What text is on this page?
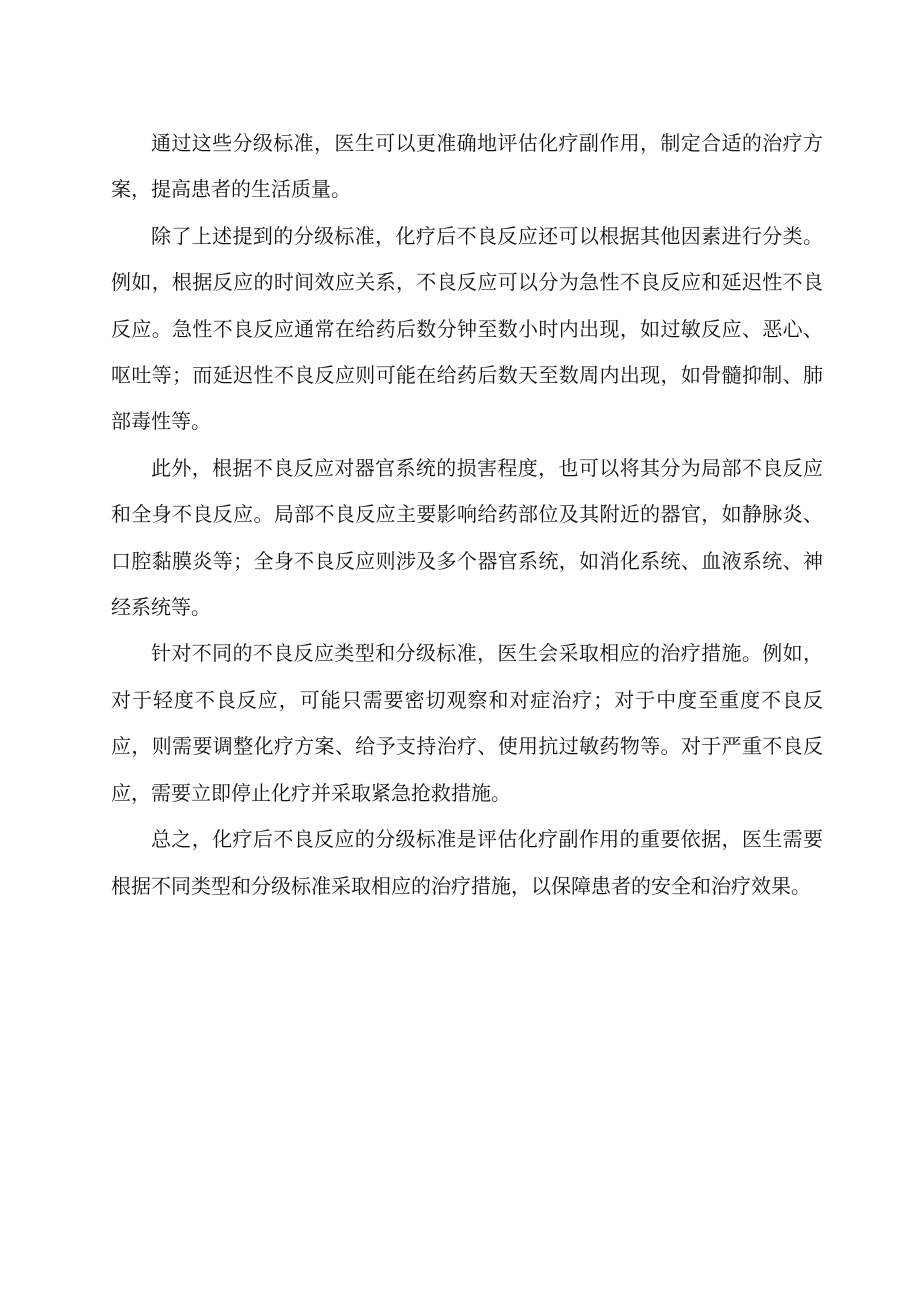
通过这些分级标准，医生可以更准确地评估化疗副作用，制定合适的治疗方案，提高患者的生活质量。

除了上述提到的分级标准，化疗后不良反应还可以根据其他因素进行分类。例如，根据反应的时间效应关系，不良反应可以分为急性不良反应和延迟性不良反应。急性不良反应通常在给药后数分钟至数小时内出现，如过敏反应、恶心、呕吐等；而延迟性不良反应则可能在给药后数天至数周内出现，如骨髓抑制、肺部毒性等。

此外，根据不良反应对器官系统的损害程度，也可以将其分为局部不良反应和全身不良反应。局部不良反应主要影响给药部位及其附近的器官，如静脉炎、口腔黏膜炎等；全身不良反应则涉及多个器官系统，如消化系统、血液系统、神经系统等。

针对不同的不良反应类型和分级标准，医生会采取相应的治疗措施。例如，对于轻度不良反应，可能只需要密切观察和对症治疗；对于中度至重度不良反应，则需要调整化疗方案、给予支持治疗、使用抗过敏药物等。对于严重不良反应，需要立即停止化疗并采取紧急抢救措施。

总之，化疗后不良反应的分级标准是评估化疗副作用的重要依据，医生需要根据不同类型和分级标准采取相应的治疗措施，以保障患者的安全和治疗效果。
